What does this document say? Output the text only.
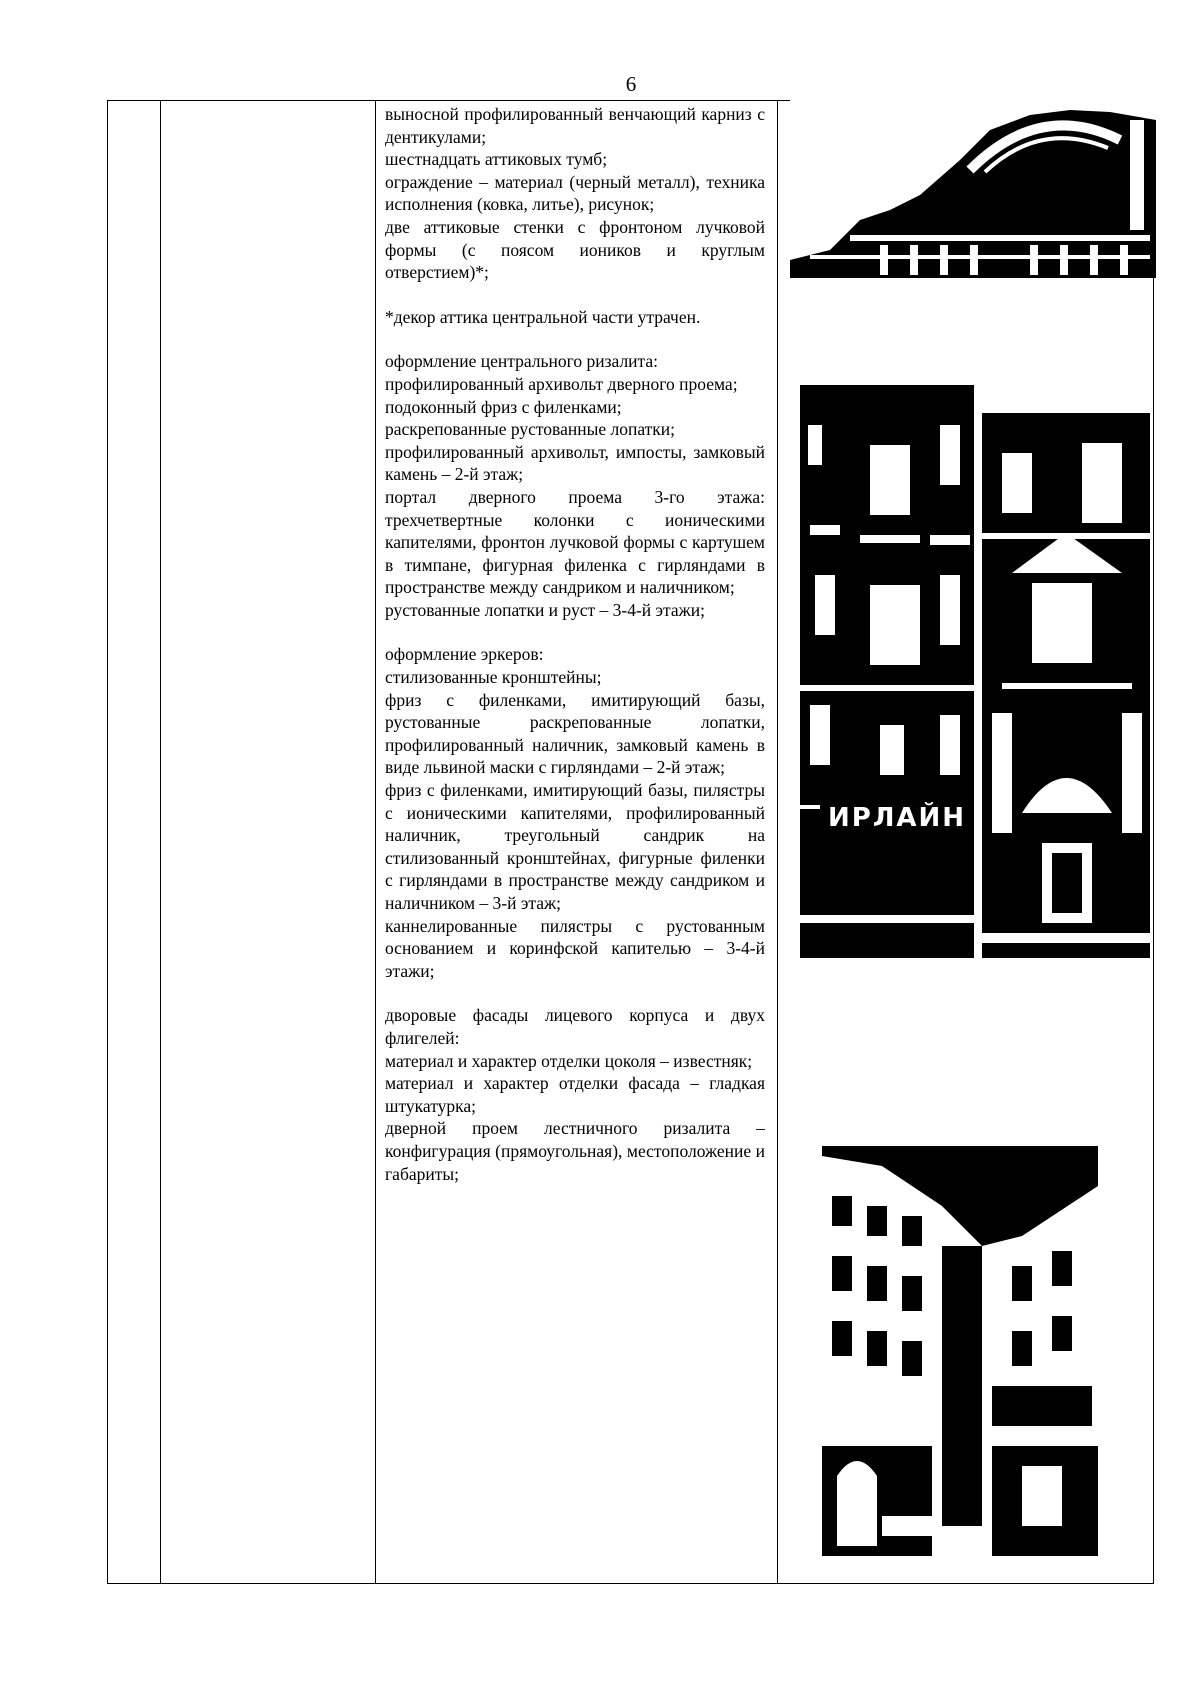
6

выносной профилированный венчающий карниз с дентикулами;

шестнадцать аттиковых тумб;

ограждение – материал (черный металл), техника исполнения (ковка, литье), рисунок;

две аттиковые стенки с фронтоном лучковой формы (с поясом иоников и круглым отверстием)*;

*декор аттика центральной части утрачен.

оформление центрального ризалита:

профилированный архивольт дверного проема;

подоконный фриз с филенками;

раскрепованные рустованные лопатки;

профилированный архивольт, импосты, замковый камень – 2-й этаж;

портал дверного проема 3-го этажа: трехчетвертные колонки с ионическими капителями, фронтон лучковой формы с картушем в тимпане, фигурная филенка с гирляндами в пространстве между сандриком и наличником;

рустованные лопатки и руст – 3-4-й этажи;

оформление эркеров:

стилизованные кронштейны;

фриз с филенками, имитирующий базы, рустованные раскрепованные лопатки, профилированный наличник, замковый камень в виде львиной маски с гирляндами – 2-й этаж;

фриз с филенками, имитирующий базы, пилястры с ионическими капителями, профилированный наличник, треугольный сандрик на стилизованный кронштейнах, фигурные филенки с гирляндами в пространстве между сандриком и наличником – 3-й этаж;

каннелированные пилястры с рустованным основанием и коринфской капителью – 3-4-й этажи;

дворовые фасады лицевого корпуса и двух флигелей:

материал и характер отделки цоколя – известняк;

материал и характер отделки фасада – гладкая штукатурка;

дверной проем лестничного ризалита – конфигурация (прямоугольная), местоположение и габариты;

ИРЛАЙН
